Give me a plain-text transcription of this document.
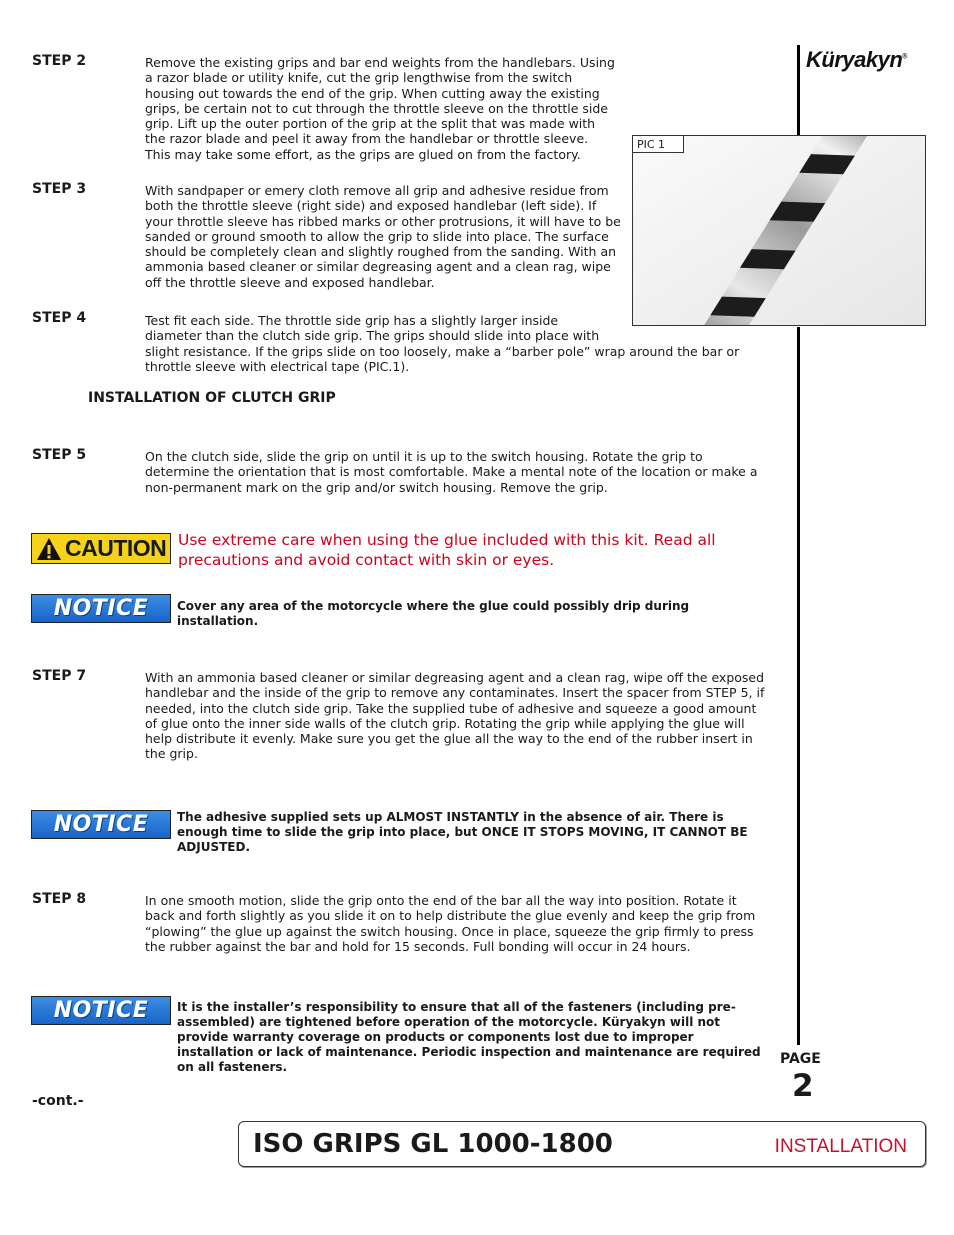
Küryakyn®
STEP 2	Remove the existing grips and bar end weights from the handlebars. Using a razor blade or utility knife, cut the grip lengthwise from the switch housing out towards the end of the grip. When cutting away the existing grips, be certain not to cut through the throttle sleeve on the throttle side grip. Lift up the outer portion of the grip at the split that was made with the razor blade and peel it away from the handlebar or throttle sleeve. This may take some effort, as the grips are glued on from the factory.

PIC 1
STEP 3	With sandpaper or emery cloth remove all grip and adhesive residue from both the throttle sleeve (right side) and exposed handlebar (left side). If your throttle sleeve has ribbed marks or other protrusions, it will have to be sanded or ground smooth to allow the grip to slide into place. The surface should be completely clean and slightly roughed from the sanding. With an ammonia based cleaner or similar degreasing agent and a clean rag, wipe off the throttle sleeve and exposed handlebar.

STEP 4	Test fit each side. The throttle side grip has a slightly larger inside diameter than the clutch side grip. The grips should slide into place with slight resistance. If the grips slide on too loosely, make a “barber pole” wrap around the bar or throttle sleeve with electrical tape (PIC.1).

INSTALLATION OF CLUTCH GRIP
STEP 5	On the clutch side, slide the grip on until it is up to the switch housing. Rotate the grip to determine the orientation that is most comfortable. Make a mental note of the location or make a non-permanent mark on the grip and/or switch housing. Remove the grip.

CAUTION Use extreme care when using the glue included with this kit. Read all precautions and avoid contact with skin or eyes.

NOTICE Cover any area of the motorcycle where the glue could possibly drip during installation.

STEP 7	With an ammonia based cleaner or similar degreasing agent and a clean rag, wipe off the exposed handlebar and the inside of the grip to remove any contaminates. Insert the spacer from STEP 5, if needed, into the clutch side grip. Take the supplied tube of adhesive and squeeze a good amount of glue onto the inner side walls of the clutch grip. Rotating the grip while applying the glue will help distribute it evenly. Make sure you get the glue all the way to the end of the rubber insert in the grip.

NOTICE The adhesive supplied sets up ALMOST INSTANTLY in the absence of air. There is enough time to slide the grip into place, but ONCE IT STOPS MOVING, IT CANNOT BE ADJUSTED.

STEP 8	In one smooth motion, slide the grip onto the end of the bar all the way into position. Rotate it back and forth slightly as you slide it on to help distribute the glue evenly and keep the grip from “plowing” the glue up against the switch housing. Once in place, squeeze the grip firmly to press the rubber against the bar and hold for 15 seconds. Full bonding will occur in 24 hours.

NOTICE It is the installer’s responsibility to ensure that all of the fasteners (including pre-assembled) are tightened before operation of the motorcycle. Küryakyn will not provide warranty coverage on products or components lost due to improper installation or lack of maintenance. Periodic inspection and maintenance are required on all fasteners.

-cont.-
PAGE
2
ISO GRIPS GL 1000-1800	INSTALLATION
